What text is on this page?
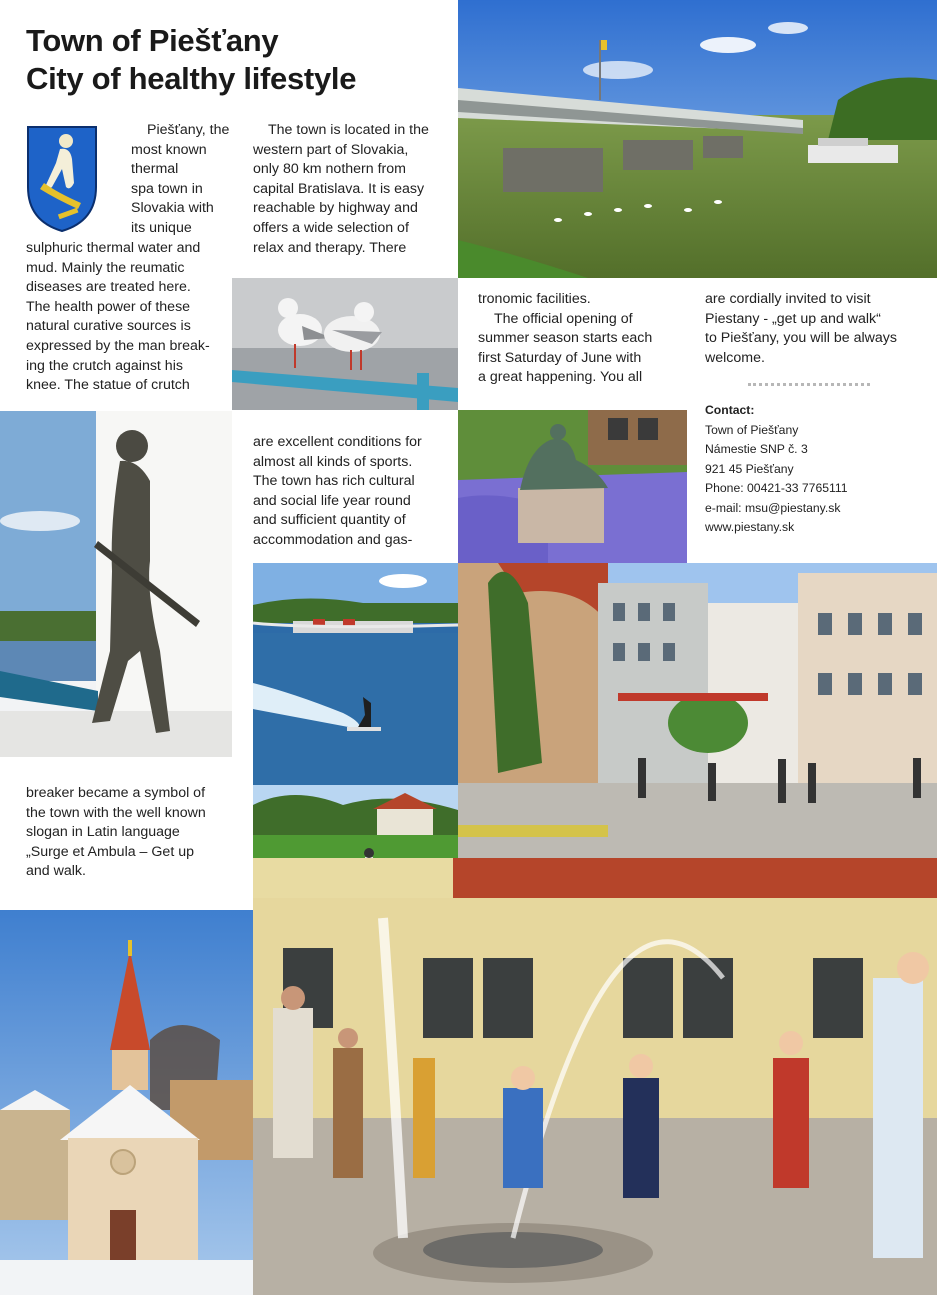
Town of Piešťany
City of healthy lifestyle

Piešťany, the

most known

thermal

spa town in

Slovakia with

its unique

sulphuric thermal water and

mud. Mainly the reumatic

diseases are treated here.

The health power of these

natural curative sources is

expressed by the man break-

ing the crutch against his

knee. The statue of crutch

The town is located in the

western part of Slovakia,

only 80 km nothern from

capital Bratislava. It is easy

reachable by highway and

offers a wide selection of

relax and therapy. There

are excellent conditions for

almost all kinds of sports.

The town has rich cultural

and social life year round

and sufficient quantity of

accommodation and gas-

tronomic facilities.

The official opening of

summer season starts each

first Saturday of June with

a great happening. You all

are cordially invited to visit

Piestany - „get up and walk“

to Piešťany, you will be always

welcome.

Contact:
Town of Piešťany
Námestie SNP č. 3
921 45 Piešťany
Phone: 00421-33 7765111
e-mail: msu@piestany.sk
www.piestany.sk

breaker became a symbol of

the town with the well known

slogan in Latin language

„Surge et Ambula – Get up

and walk.
